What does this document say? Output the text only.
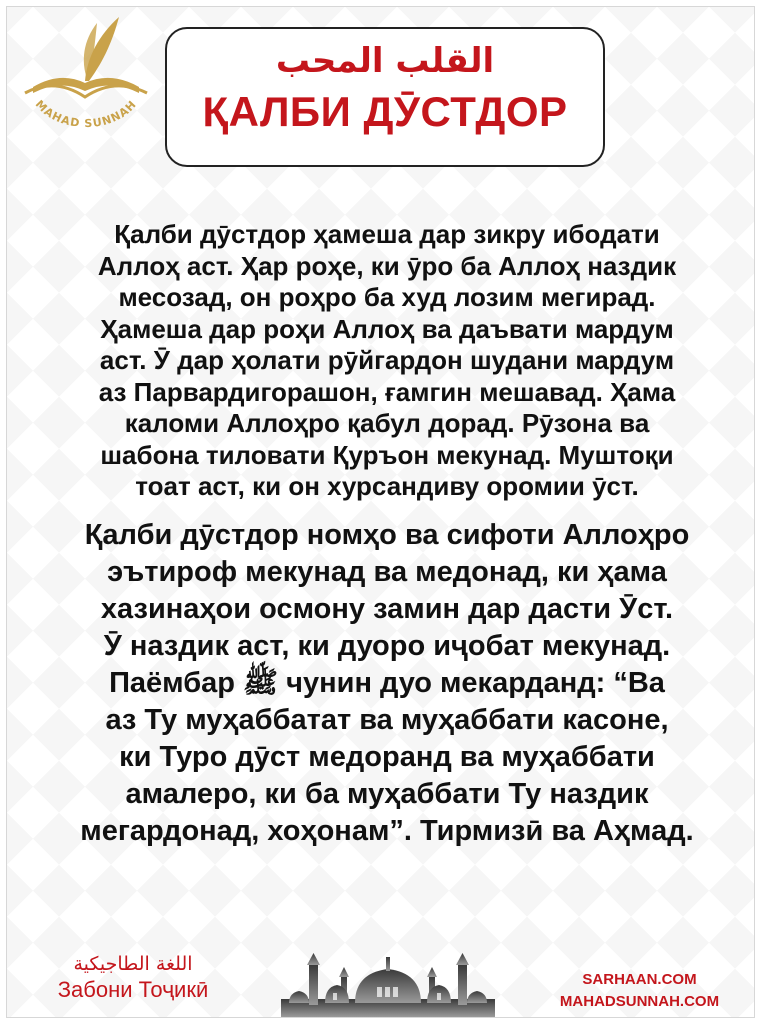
MAHAD SUNNAH
القلب المحب
ҚАЛБИ ДӮСТДОР
Қалби дӯстдор ҳамеша дар зикру ибодати
Аллоҳ аст. Ҳар роҳе, ки ӯро ба Аллоҳ наздик
месозад, он роҳро ба худ лозим мегирад.
Ҳамеша дар роҳи Аллоҳ ва даъвати мардум
аст. Ӯ дар ҳолати рӯйгардон шудани мардум
аз Парвардигорашон, ғамгин мешавад. Ҳама
каломи Аллоҳро қабул дорад. Рӯзона ва
шабона тиловати Қуръон мекунад. Муштоқи
тоат аст, ки он хурсандиву оромии ӯст.
Қалби дӯстдор номҳо ва сифоти Аллоҳро
эътироф мекунад ва медонад, ки ҳама
хазинаҳои осмону замин дар дасти Ӯст.
Ӯ наздик аст, ки дуоро иҷобат мекунад.
Паёмбар ﷺ чунин дуо мекарданд: “Ва
аз Ту муҳаббатат ва муҳаббати касоне,
ки Туро дӯст медоранд ва муҳаббати
амалеро, ки ба муҳаббати Ту наздик
мегардонад, хоҳонам”. Тирмизӣ ва Аҳмад.
اللغة الطاجيكية
Забони Тоҷикӣ	SARHAAN.COM
MAHADSUNNAH.COM
